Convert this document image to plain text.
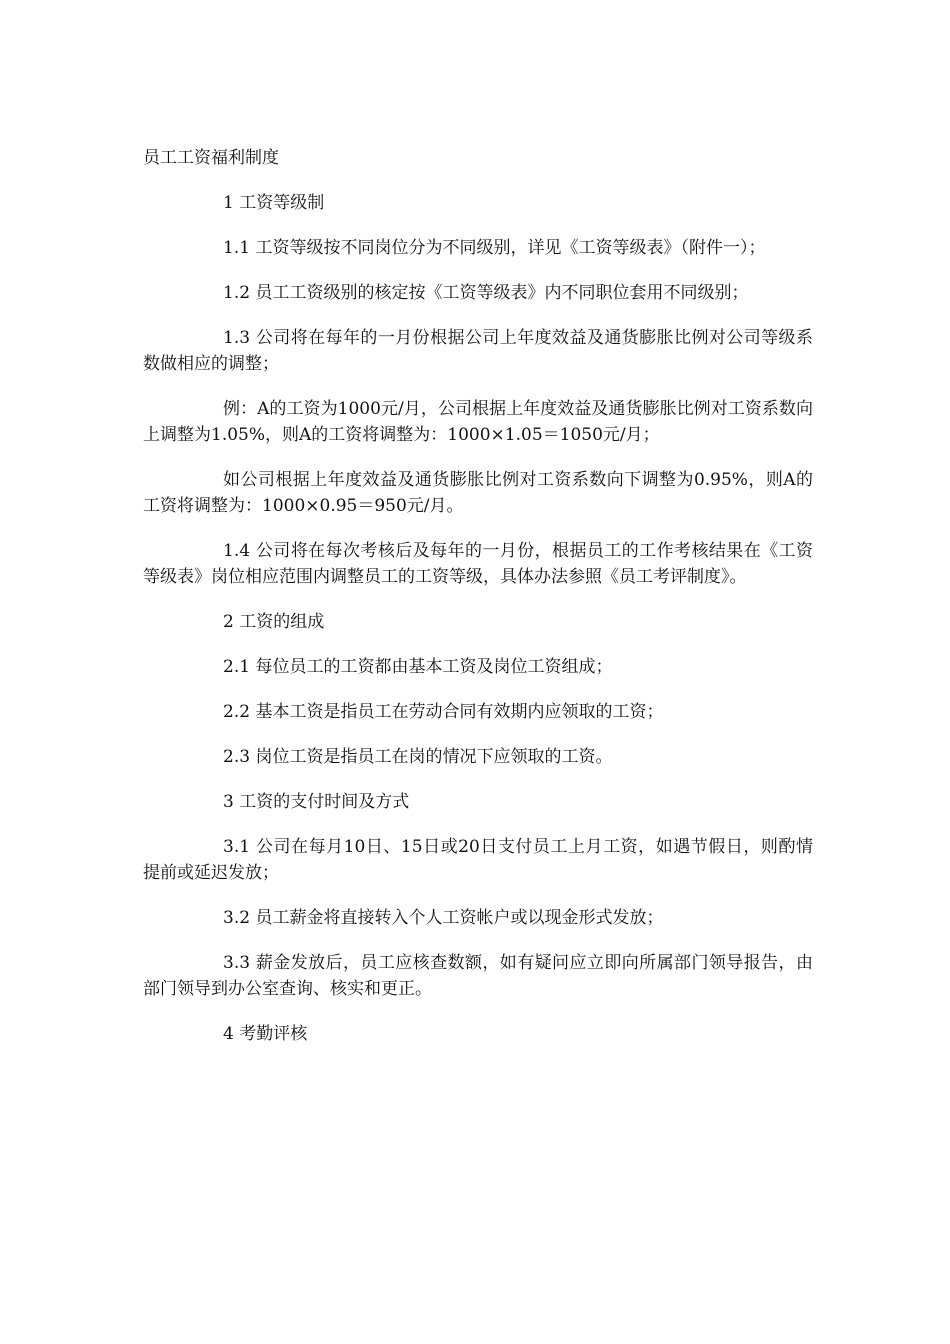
员工工资福利制度

1 工资等级制

1.1 工资等级按不同岗位分为不同级别，详见《工资等级表》（附件一）；

1.2 员工工资级别的核定按《工资等级表》内不同职位套用不同级别；

1.3 公司将在每年的一月份根据公司上年度效益及通货膨胀比例对公司等级系数做相应的调整；

例：A的工资为1000元/月，公司根据上年度效益及通货膨胀比例对工资系数向上调整为1.05%，则A的工资将调整为：1000×1.05＝1050元/月；

如公司根据上年度效益及通货膨胀比例对工资系数向下调整为0.95%，则A的工资将调整为：1000×0.95＝950元/月。

1.4 公司将在每次考核后及每年的一月份，根据员工的工作考核结果在《工资等级表》岗位相应范围内调整员工的工资等级，具体办法参照《员工考评制度》。

2 工资的组成

2.1 每位员工的工资都由基本工资及岗位工资组成；

2.2 基本工资是指员工在劳动合同有效期内应领取的工资；

2.3 岗位工资是指员工在岗的情况下应领取的工资。

3 工资的支付时间及方式

3.1 公司在每月10日、15日或20日支付员工上月工资，如遇节假日，则酌情提前或延迟发放；

3.2 员工薪金将直接转入个人工资帐户或以现金形式发放；

3.3 薪金发放后，员工应核查数额，如有疑问应立即向所属部门领导报告，由部门领导到办公室查询、核实和更正。

4 考勤评核
